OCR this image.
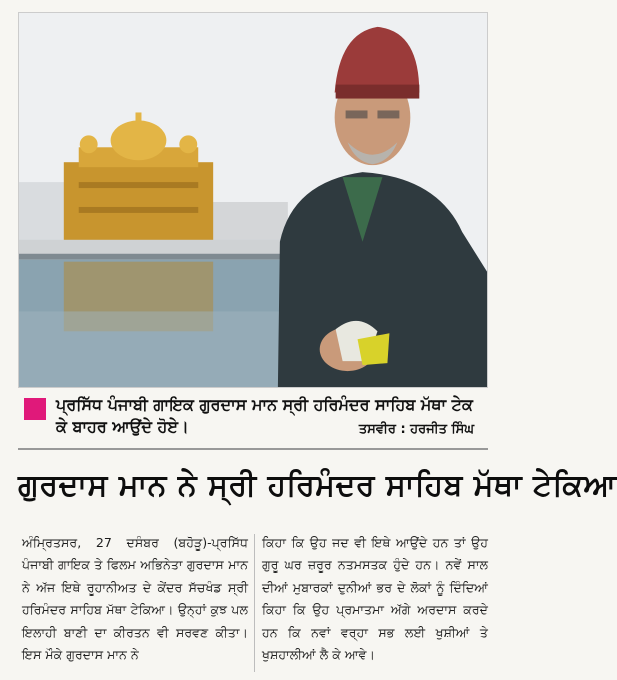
ਪ੍ਰਸਿੱਧ ਪੰਜਾਬੀ ਗਾਇਕ ਗੁਰਦਾਸ ਮਾਨ ਸ੍ਰੀ ਹਰਿਮੰਦਰ ਸਾਹਿਬ ਮੱਥਾ ਟੇਕ ਕੇ ਬਾਹਰ ਆਉਂਦੇ ਹੋਏ।	ਤਸਵੀਰ : ਹਰਜੀਤ ਸਿੰਘ
ਗੁਰਦਾਸ ਮਾਨ ਨੇ ਸ੍ਰੀ ਹਰਿਮੰਦਰ ਸਾਹਿਬ ਮੱਥਾ ਟੇਕਿਆ
ਅੰਮ੍ਰਿਤਸਰ, 27 ਦਸੰਬਰ (ਬਹੋੜੂ)-ਪ੍ਰਸਿੱਧ ਪੰਜਾਬੀ ਗਾਇਕ ਤੇ ਫਿਲਮ ਅਭਿਨੇਤਾ ਗੁਰਦਾਸ ਮਾਨ ਨੇ ਅੱਜ ਇਥੇ ਰੂਹਾਨੀਅਤ ਦੇ ਕੇਂਦਰ ਸੱਚਖੰਡ ਸ੍ਰੀ ਹਰਿਮੰਦਰ ਸਾਹਿਬ ਮੱਥਾ ਟੇਕਿਆ। ਉਨ੍ਹਾਂ ਕੁਝ ਪਲ ਇਲਾਹੀ ਬਾਣੀ ਦਾ ਕੀਰਤਨ ਵੀ ਸਰਵਣ ਕੀਤਾ। ਇਸ ਮੌਕੇ ਗੁਰਦਾਸ ਮਾਨ ਨੇ
ਕਿਹਾ ਕਿ ਉਹ ਜਦ ਵੀ ਇਥੇ ਆਉਂਦੇ ਹਨ ਤਾਂ ਉਹ ਗੁਰੂ ਘਰ ਜ਼ਰੂਰ ਨਤਮਸਤਕ ਹੁੰਦੇ ਹਨ। ਨਵੇਂ ਸਾਲ ਦੀਆਂ ਮੁਬਾਰਕਾਂ ਦੁਨੀਆਂ ਭਰ ਦੇ ਲੋਕਾਂ ਨੂੰ ਦਿੰਦਿਆਂ ਕਿਹਾ ਕਿ ਉਹ ਪ੍ਰਮਾਤਮਾ ਅੱਗੇ ਅਰਦਾਸ ਕਰਦੇ ਹਨ ਕਿ ਨਵਾਂ ਵਰ੍ਹਾ ਸਭ ਲਈ ਖੁਸ਼ੀਆਂ ਤੇ ਖੁਸ਼ਹਾਲੀਆਂ ਲੈ ਕੇ ਆਵੇ।
